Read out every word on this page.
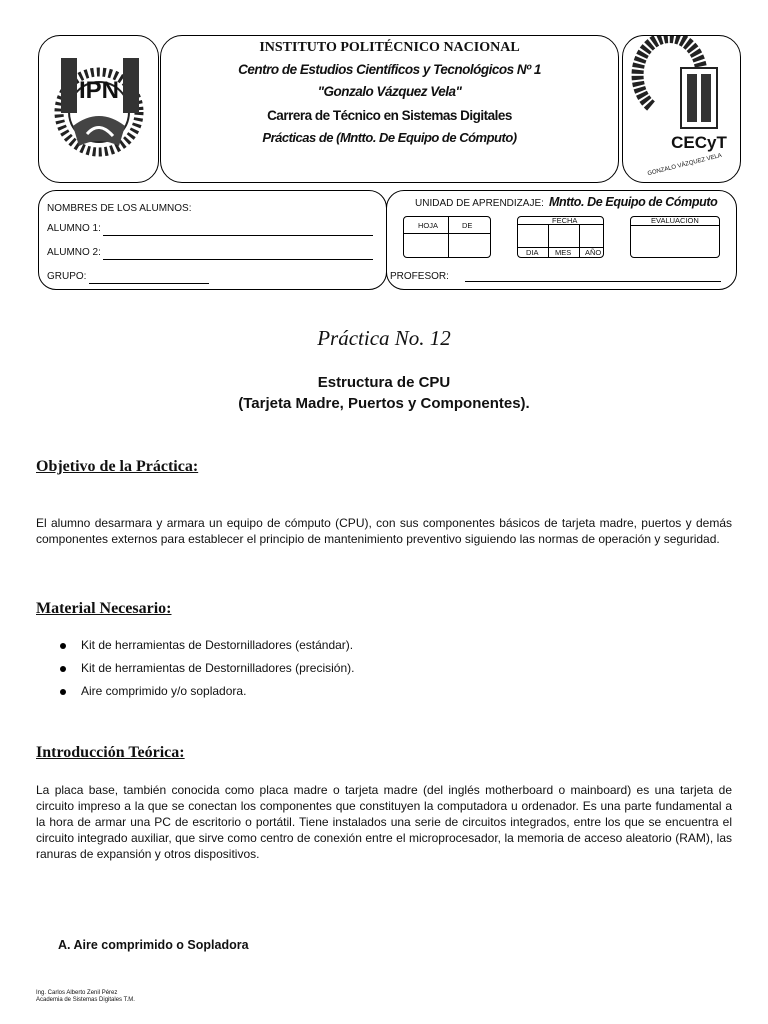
IPN
INSTITUTO POLITÉCNICO NACIONAL
Centro de Estudios Científicos y Tecnológicos Nº 1
"Gonzalo Vázquez Vela"
Carrera de Técnico en Sistemas Digitales
Prácticas de (Mntto. De Equipo de Cómputo)	CECyT
GONZALO VÁZQUEZ VELA
NOMBRES DE LOS ALUMNOS:
ALUMNO 1:
ALUMNO 2:
GRUPO:
UNIDAD DE APRENDIZAJE: Mntto. De Equipo de Cómputo
HOJA	DE
FECHA
DIA MES AÑO
EVALUACION
PROFESOR:
Práctica No. 12
Estructura de CPU
(Tarjeta Madre, Puertos y Componentes).
Objetivo de la Práctica:
El alumno desarmara y armara un equipo de cómputo (CPU), con sus componentes básicos de tarjeta madre, puertos y demás componentes externos para establecer el principio de mantenimiento preventivo siguiendo las normas de operación y seguridad.
Material Necesario:
Kit de herramientas de Destornilladores (estándar).
Kit de herramientas de Destornilladores (precisión).
Aire comprimido y/o sopladora.
Introducción Teórica:
La placa base, también conocida como placa madre o tarjeta madre (del inglés motherboard o mainboard) es una tarjeta de circuito impreso a la que se conectan los componentes que constituyen la computadora u ordenador. Es una parte fundamental a la hora de armar una PC de escritorio o portátil. Tiene instalados una serie de circuitos integrados, entre los que se encuentra el circuito integrado auxiliar, que sirve como centro de conexión entre el microprocesador, la memoria de acceso aleatorio (RAM), las ranuras de expansión y otros dispositivos.
A. Aire comprimido o Sopladora
Ing. Carlos Alberto Zenil Pérez
Academia de Sistemas Digitales T.M.
